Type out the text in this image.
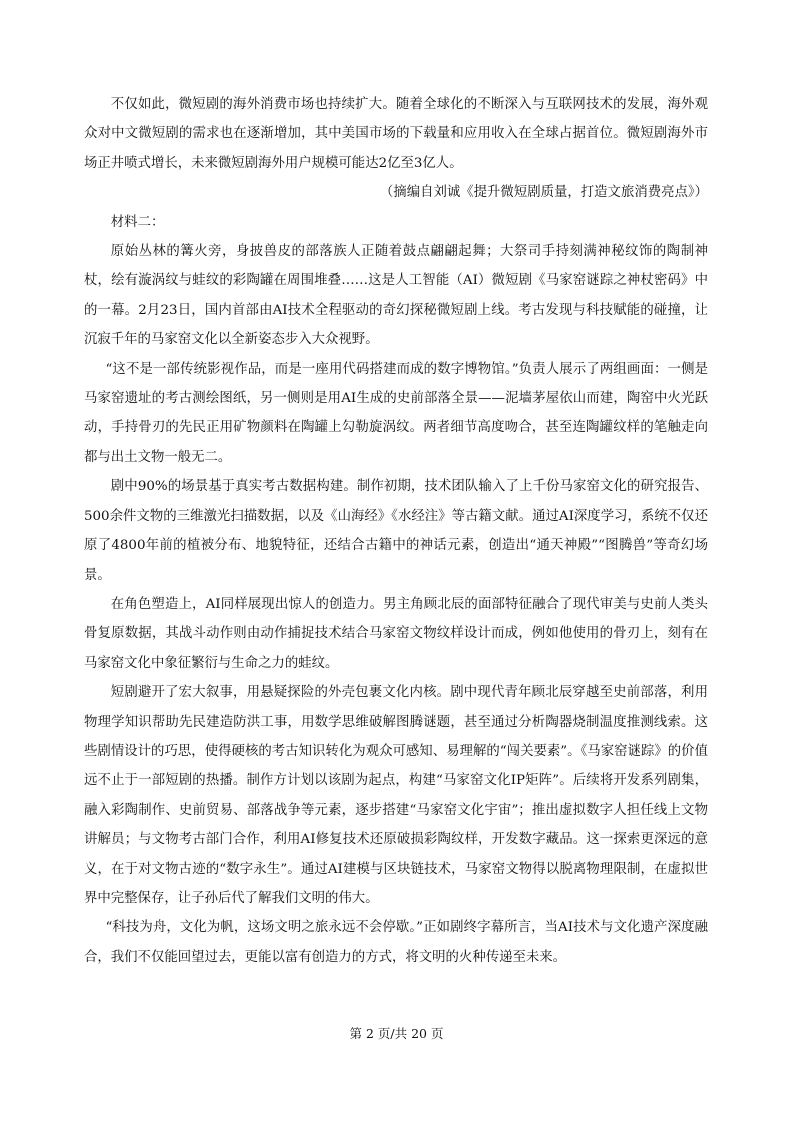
不仅如此，微短剧的海外消费市场也持续扩大。随着全球化的不断深入与互联网技术的发展，海外观众对中文微短剧的需求也在逐渐增加，其中美国市场的下载量和应用收入在全球占据首位。微短剧海外市场正井喷式增长，未来微短剧海外用户规模可能达2亿至3亿人。

（摘编自刘诚《提升微短剧质量，打造文旅消费亮点》）

材料二：

原始丛林的篝火旁，身披兽皮的部落族人正随着鼓点翩翩起舞；大祭司手持刻满神秘纹饰的陶制神杖，绘有漩涡纹与蛙纹的彩陶罐在周围堆叠……这是人工智能（AI）微短剧《马家窑谜踪之神杖密码》中的一幕。2月23日，国内首部由AI技术全程驱动的奇幻探秘微短剧上线。考古发现与科技赋能的碰撞，让沉寂千年的马家窑文化以全新姿态步入大众视野。

“这不是一部传统影视作品，而是一座用代码搭建而成的数字博物馆。”负责人展示了两组画面：一侧是马家窑遗址的考古测绘图纸，另一侧则是用AI生成的史前部落全景——泥墙茅屋依山而建，陶窑中火光跃动，手持骨刃的先民正用矿物颜料在陶罐上勾勒旋涡纹。两者细节高度吻合，甚至连陶罐纹样的笔触走向都与出土文物一般无二。

剧中90%的场景基于真实考古数据构建。制作初期，技术团队输入了上千份马家窑文化的研究报告、500余件文物的三维激光扫描数据，以及《山海经》《水经注》等古籍文献。通过AI深度学习，系统不仅还原了4800年前的植被分布、地貌特征，还结合古籍中的神话元素，创造出“通天神殿”“图腾兽”等奇幻场景。

在角色塑造上，AI同样展现出惊人的创造力。男主角顾北辰的面部特征融合了现代审美与史前人类头骨复原数据，其战斗动作则由动作捕捉技术结合马家窑文物纹样设计而成，例如他使用的骨刃上，刻有在马家窑文化中象征繁衍与生命之力的蛙纹。

短剧避开了宏大叙事，用悬疑探险的外壳包裹文化内核。剧中现代青年顾北辰穿越至史前部落，利用物理学知识帮助先民建造防洪工事，用数学思维破解图腾谜题，甚至通过分析陶器烧制温度推测线索。这些剧情设计的巧思，使得硬核的考古知识转化为观众可感知、易理解的“闯关要素”。《马家窑谜踪》的价值远不止于一部短剧的热播。制作方计划以该剧为起点，构建“马家窑文化IP矩阵”。后续将开发系列剧集，融入彩陶制作、史前贸易、部落战争等元素，逐步搭建“马家窑文化宇宙”；推出虚拟数字人担任线上文物讲解员；与文物考古部门合作，利用AI修复技术还原破损彩陶纹样，开发数字藏品。这一探索更深远的意义，在于对文物古迹的“数字永生”。通过AI建模与区块链技术，马家窑文物得以脱离物理限制，在虚拟世界中完整保存，让子孙后代了解我们文明的伟大。

“科技为舟，文化为帆，这场文明之旅永远不会停歇。”正如剧终字幕所言，当AI技术与文化遗产深度融合，我们不仅能回望过去，更能以富有创造力的方式，将文明的火种传递至未来。

第 2 页/共 20 页
